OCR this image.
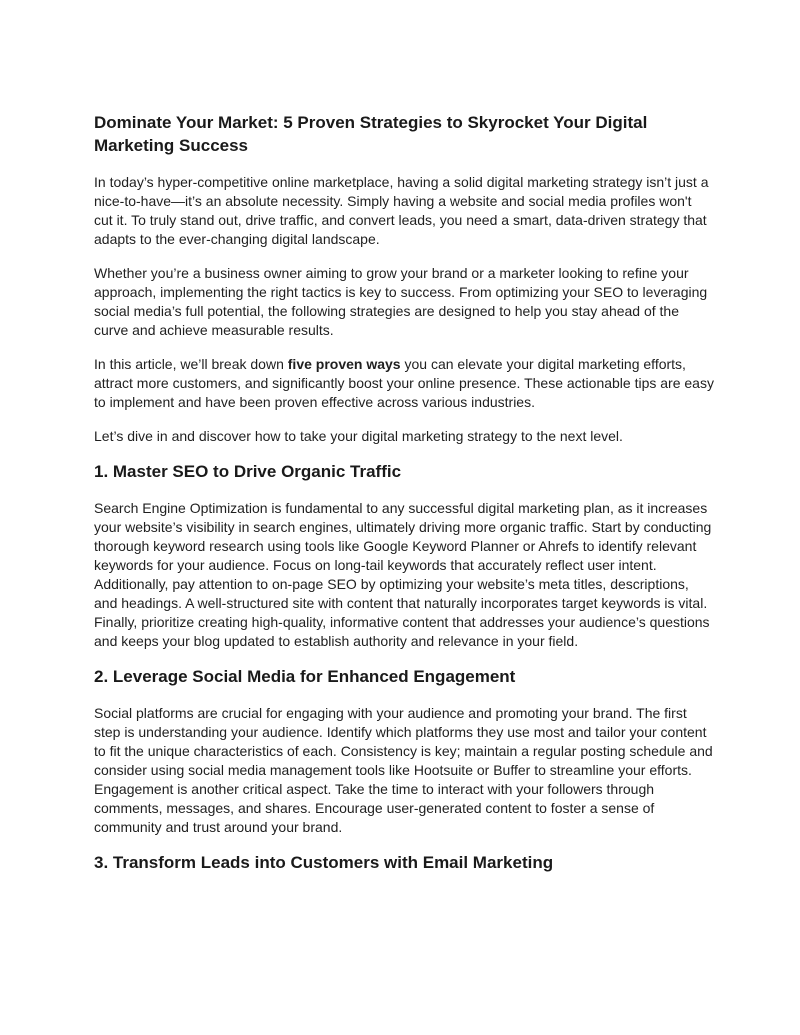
Dominate Your Market: 5 Proven Strategies to Skyrocket Your Digital Marketing Success

In today’s hyper-competitive online marketplace, having a solid digital marketing strategy isn’t just a nice-to-have—it’s an absolute necessity. Simply having a website and social media profiles won't cut it. To truly stand out, drive traffic, and convert leads, you need a smart, data-driven strategy that adapts to the ever-changing digital landscape.

Whether you’re a business owner aiming to grow your brand or a marketer looking to refine your approach, implementing the right tactics is key to success. From optimizing your SEO to leveraging social media’s full potential, the following strategies are designed to help you stay ahead of the curve and achieve measurable results.

In this article, we’ll break down five proven ways you can elevate your digital marketing efforts, attract more customers, and significantly boost your online presence. These actionable tips are easy to implement and have been proven effective across various industries.

Let’s dive in and discover how to take your digital marketing strategy to the next level.

1. Master SEO to Drive Organic Traffic

Search Engine Optimization is fundamental to any successful digital marketing plan, as it increases your website’s visibility in search engines, ultimately driving more organic traffic. Start by conducting thorough keyword research using tools like Google Keyword Planner or Ahrefs to identify relevant keywords for your audience. Focus on long-tail keywords that accurately reflect user intent. Additionally, pay attention to on-page SEO by optimizing your website’s meta titles, descriptions, and headings. A well-structured site with content that naturally incorporates target keywords is vital. Finally, prioritize creating high-quality, informative content that addresses your audience’s questions and keeps your blog updated to establish authority and relevance in your field.

2. Leverage Social Media for Enhanced Engagement

Social platforms are crucial for engaging with your audience and promoting your brand. The first step is understanding your audience. Identify which platforms they use most and tailor your content to fit the unique characteristics of each. Consistency is key; maintain a regular posting schedule and consider using social media management tools like Hootsuite or Buffer to streamline your efforts. Engagement is another critical aspect. Take the time to interact with your followers through comments, messages, and shares. Encourage user-generated content to foster a sense of community and trust around your brand.

3. Transform Leads into Customers with Email Marketing
